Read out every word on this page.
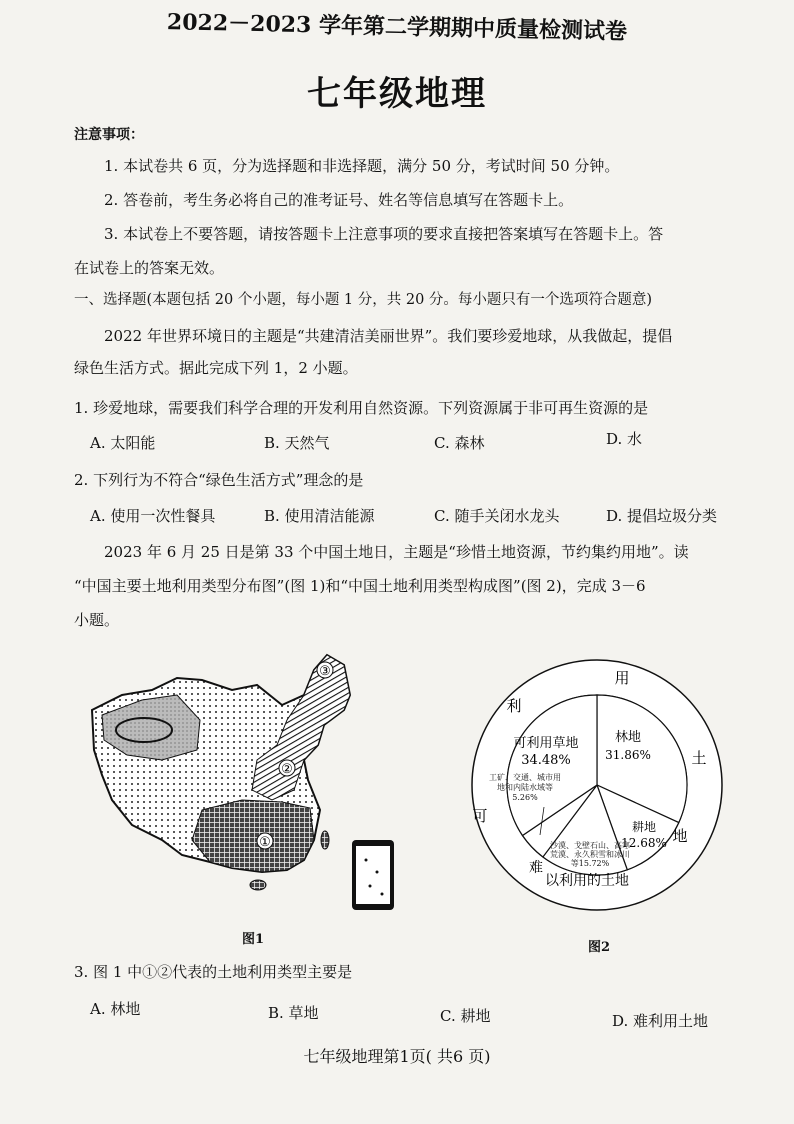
2022－2023 学年第二学期期中质量检测试卷
七年级地理
注意事项：
1. 本试卷共 6 页，分为选择题和非选择题，满分 50 分，考试时间 50 分钟。
2. 答卷前，考生务必将自己的准考证号、姓名等信息填写在答题卡上。
3. 本试卷上不要答题，请按答题卡上注意事项的要求直接把答案填写在答题卡上。答
在试卷上的答案无效。
一、选择题(本题包括 20 个小题，每小题 1 分，共 20 分。每小题只有一个选项符合题意)
2022 年世界环境日的主题是“共建清洁美丽世界”。我们要珍爱地球，从我做起，提倡
绿色生活方式。据此完成下列 1，2 小题。
1. 珍爱地球，需要我们科学合理的开发利用自然资源。下列资源属于非可再生资源的是
A. 太阳能	B. 天然气	C. 森林	D. 水
2. 下列行为不符合“绿色生活方式”理念的是
A. 使用一次性餐具	B. 使用清洁能源	C. 随手关闭水龙头	D. 提倡垃圾分类
2023 年 6 月 25 日是第 33 个中国土地日，主题是“珍惜土地资源，节约集约用地”。读
“中国主要土地利用类型分布图”(图 1)和“中国土地利用类型构成图”(图 2)，完成 3－6
小题。
①
②
③
图1
林地
31.86%
耕地
12.68%
沙漠、戈壁石山、高寒荒漠、永久积雪和冰川等15.72%
工矿、交通、城市用地和内陆水域等
5.26%
可利用草地
34.48%
用
土
地
难
以利用的土地
可
利
图2
3. 图 1 中①②代表的土地利用类型主要是
A. 林地	B. 草地	C. 耕地	D. 难利用土地
七年级地理第1页( 共6 页)
